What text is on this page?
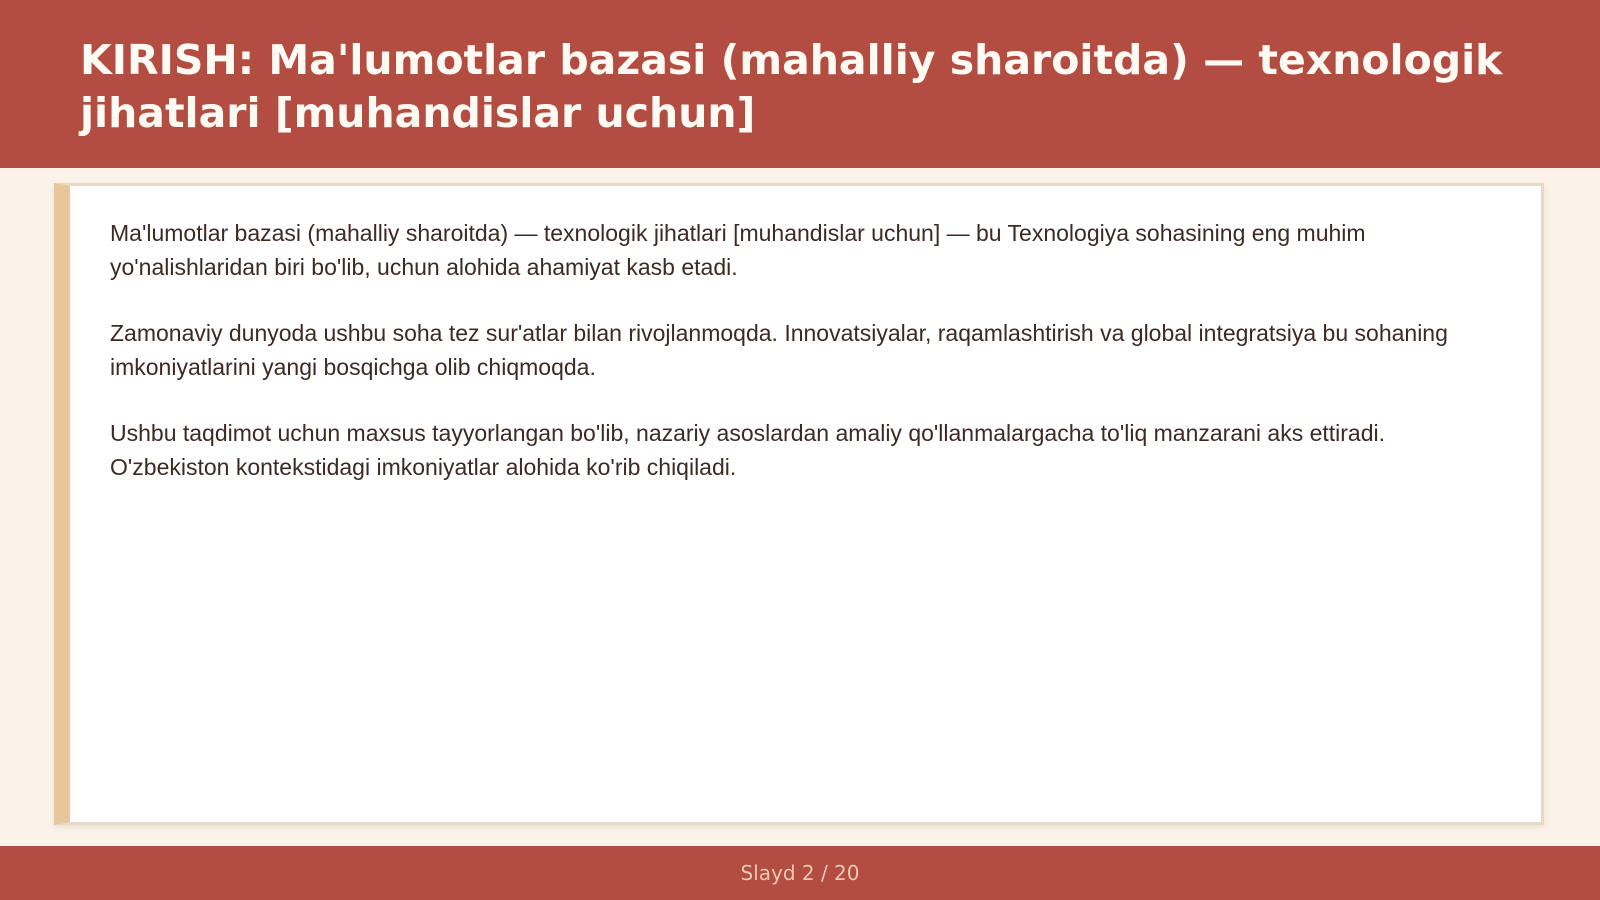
KIRISH: Ma'lumotlar bazasi (mahalliy sharoitda) — texnologik jihatlari [muhandislar uchun]

Ma'lumotlar bazasi (mahalliy sharoitda) — texnologik jihatlari [muhandislar uchun] — bu Texnologiya sohasining eng muhim yo'nalishlaridan biri bo'lib, uchun alohida ahamiyat kasb etadi.

Zamonaviy dunyoda ushbu soha tez sur'atlar bilan rivojlanmoqda. Innovatsiyalar, raqamlashtirish va global integratsiya bu sohaning imkoniyatlarini yangi bosqichga olib chiqmoqda.

Ushbu taqdimot uchun maxsus tayyorlangan bo'lib, nazariy asoslardan amaliy qo'llanmalargacha to'liq manzarani aks ettiradi. O'zbekiston kontekstidagi imkoniyatlar alohida ko'rib chiqiladi.

Slayd 2 / 20
